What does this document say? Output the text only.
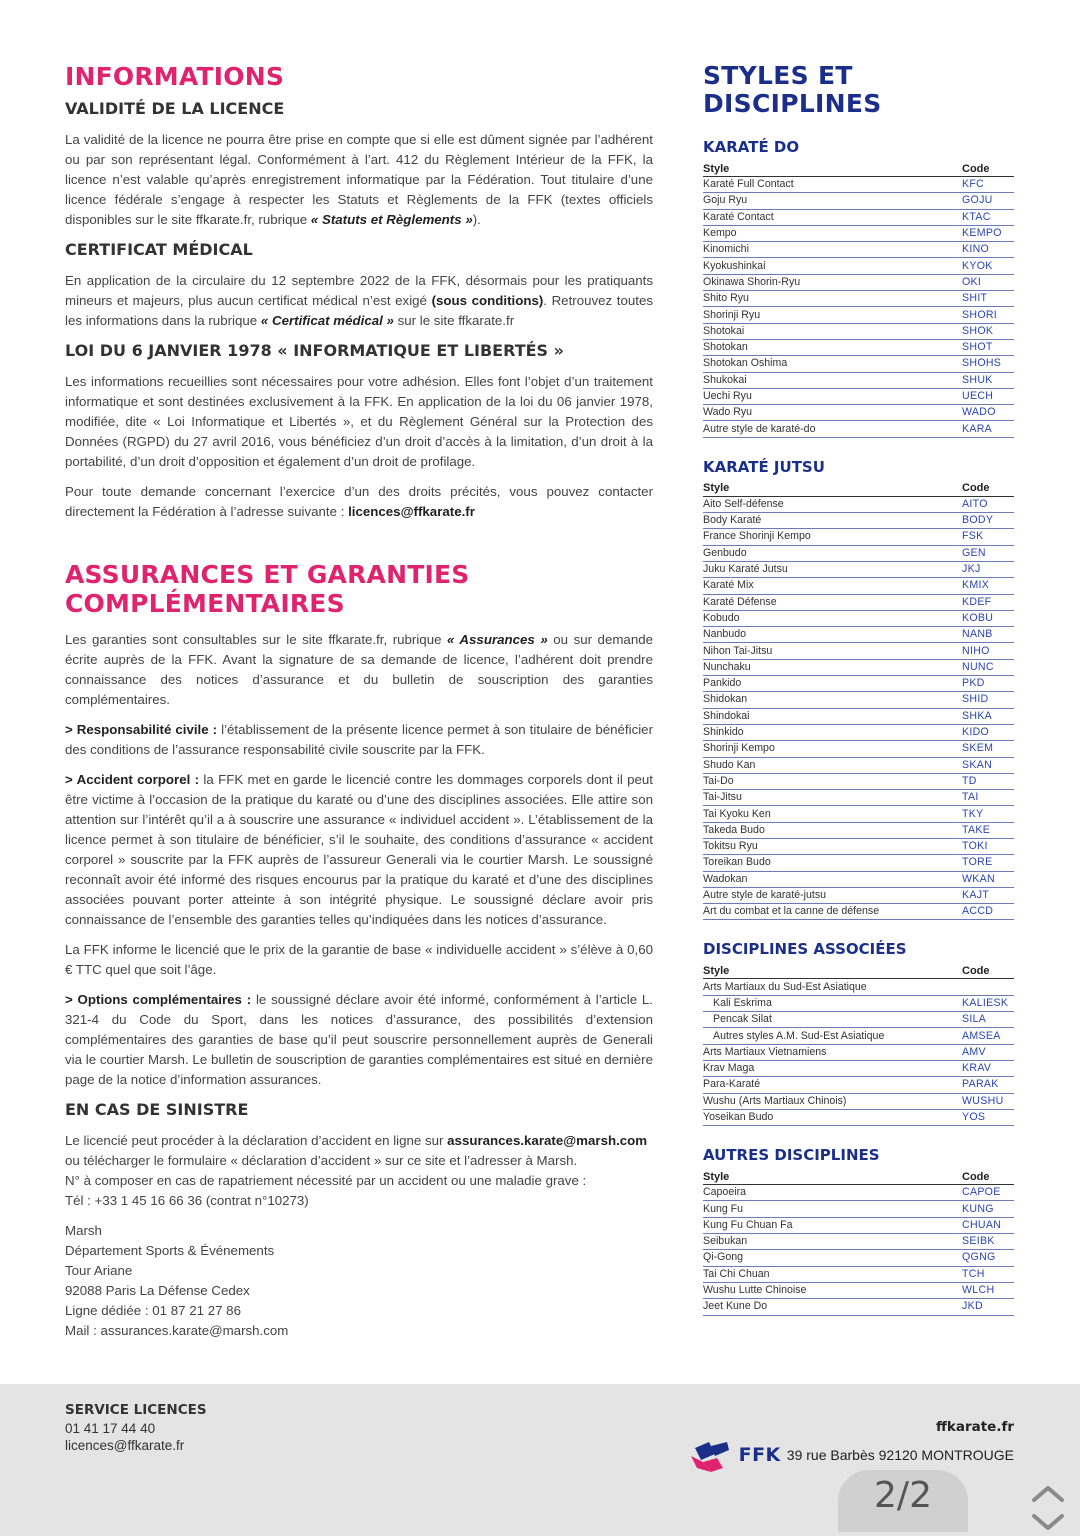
INFORMATIONS
VALIDITÉ DE LA LICENCE

La validité de la licence ne pourra être prise en compte que si elle est dûment signée par l’adhérent ou par son représentant légal. Conformément à l’art. 412 du Règlement Intérieur de la FFK, la licence n’est valable qu’après enregistrement informatique par la Fédération. Tout titulaire d’une licence fédérale s’engage à respecter les Statuts et Règlements de la FFK (textes officiels disponibles sur le site ffkarate.fr, rubrique « Statuts et Règlements »).

CERTIFICAT MÉDICAL

En application de la circulaire du 12 septembre 2022 de la FFK, désormais pour les pratiquants mineurs et majeurs, plus aucun certificat médical n’est exigé (sous conditions). Retrouvez toutes les informations dans la rubrique « Certificat médical » sur le site ffkarate.fr

LOI DU 6 JANVIER 1978 « INFORMATIQUE ET LIBERTÉS »

Les informations recueillies sont nécessaires pour votre adhésion. Elles font l’objet d’un traitement informatique et sont destinées exclusivement à la FFK. En application de la loi du 06 janvier 1978, modifiée, dite « Loi Informatique et Libertés », et du Règlement Général sur la Protection des Données (RGPD) du 27 avril 2016, vous bénéficiez d’un droit d’accès à la limitation, d’un droit à la portabilité, d’un droit d’opposition et également d’un droit de profilage.

Pour toute demande concernant l’exercice d’un des droits précités, vous pouvez contacter directement la Fédération à l’adresse suivante : licences@ffkarate.fr

ASSURANCES ET GARANTIES
COMPLÉMENTAIRES

Les garanties sont consultables sur le site ffkarate.fr, rubrique « Assurances » ou sur demande écrite auprès de la FFK. Avant la signature de sa demande de licence, l’adhérent doit prendre connaissance des notices d’assurance et du bulletin de souscription des garanties complémentaires.

> Responsabilité civile : l’établissement de la présente licence permet à son titulaire de bénéficier des conditions de l’assurance responsabilité civile souscrite par la FFK.

> Accident corporel : la FFK met en garde le licencié contre les dommages corporels dont il peut être victime à l’occasion de la pratique du karaté ou d’une des disciplines associées. Elle attire son attention sur l’intérêt qu’il a à souscrire une assurance « individuel accident ». L’établissement de la licence permet à son titulaire de bénéficier, s’il le souhaite, des conditions d’assurance « accident corporel » souscrite par la FFK auprès de l’assureur Generali via le courtier Marsh. Le soussigné reconnaît avoir été informé des risques encourus par la pratique du karaté et d’une des disciplines associées pouvant porter atteinte à son intégrité physique. Le soussigné déclare avoir pris connaissance de l’ensemble des garanties telles qu’indiquées dans les notices d’assurance.

La FFK informe le licencié que le prix de la garantie de base « individuelle accident » s’élève à 0,60 € TTC quel que soit l’âge.

> Options complémentaires : le soussigné déclare avoir été informé, conformément à l’article L. 321-4 du Code du Sport, dans les notices d’assurance, des possibilités d’extension complémentaires des garanties de base qu’il peut souscrire personnellement auprès de Generali via le courtier Marsh. Le bulletin de souscription de garanties complémentaires est situé en dernière page de la notice d’information assurances.

EN CAS DE SINISTRE

Le licencié peut procéder à la déclaration d’accident en ligne sur assurances.karate@marsh.com ou télécharger le formulaire « déclaration d’accident » sur ce site et l’adresser à Marsh.
N° à composer en cas de rapatriement nécessité par un accident ou une maladie grave :
Tél : +33 1 45 16 66 36 (contrat n°10273)

Marsh

Département Sports & Événements

Tour Ariane

92088 Paris La Défense Cedex

Ligne dédiée : 01 87 21 27 86

Mail : assurances.karate@marsh.com

STYLES ET
DISCIPLINES
KARATÉ DO
Style	Code
Karaté Full Contact	KFC
Goju Ryu	GOJU
Karaté Contact	KTAC
Kempo	KEMPO
Kinomichi	KINO
Kyokushinkai	KYOK
Okinawa Shorin-Ryu	OKI
Shito Ryu	SHIT
Shorinji Ryu	SHORI
Shotokai	SHOK
Shotokan	SHOT
Shotokan Oshima	SHOHS
Shukokai	SHUK
Uechi Ryu	UECH
Wado Ryu	WADO
Autre style de karaté-do	KARA
KARATÉ JUTSU
Style	Code
Aito Self-défense	AITO
Body Karaté	BODY
France Shorinji Kempo	FSK
Genbudo	GEN
Juku Karaté Jutsu	JKJ
Karaté Mix	KMIX
Karaté Défense	KDEF
Kobudo	KOBU
Nanbudo	NANB
Nihon Tai-Jitsu	NIHO
Nunchaku	NUNC
Pankido	PKD
Shidokan	SHID
Shindokai	SHKA
Shinkido	KIDO
Shorinji Kempo	SKEM
Shudo Kan	SKAN
Tai-Do	TD
Tai-Jitsu	TAI
Tai Kyoku Ken	TKY
Takeda Budo	TAKE
Tokitsu Ryu	TOKI
Toreikan Budo	TORE
Wadokan	WKAN
Autre style de karaté-jutsu	KAJT
Art du combat et la canne de défense	ACCD
DISCIPLINES ASSOCIÉES
Style	Code
Arts Martiaux du Sud-Est Asiatique	
Kali Eskrima	KALIESK
Pencak Silat	SILA
Autres styles A.M. Sud-Est Asiatique	AMSEA
Arts Martiaux Vietnamiens	AMV
Krav Maga	KRAV
Para-Karaté	PARAK
Wushu (Arts Martiaux Chinois)	WUSHU
Yoseikan Budo	YOS
AUTRES DISCIPLINES
Style	Code
Capoeira	CAPOE
Kung Fu	KUNG
Kung Fu Chuan Fa	CHUAN
Seibukan	SEIBK
Qi-Gong	QGNG
Tai Chi Chuan	TCH
Wushu Lutte Chinoise	WLCH
Jeet Kune Do	JKD
SERVICE LICENCES
01 41 17 44 40
licences@ffkarate.fr
ffkarate.fr
FFK 39 rue Barbès 92120 MONTROUGE
2/2
